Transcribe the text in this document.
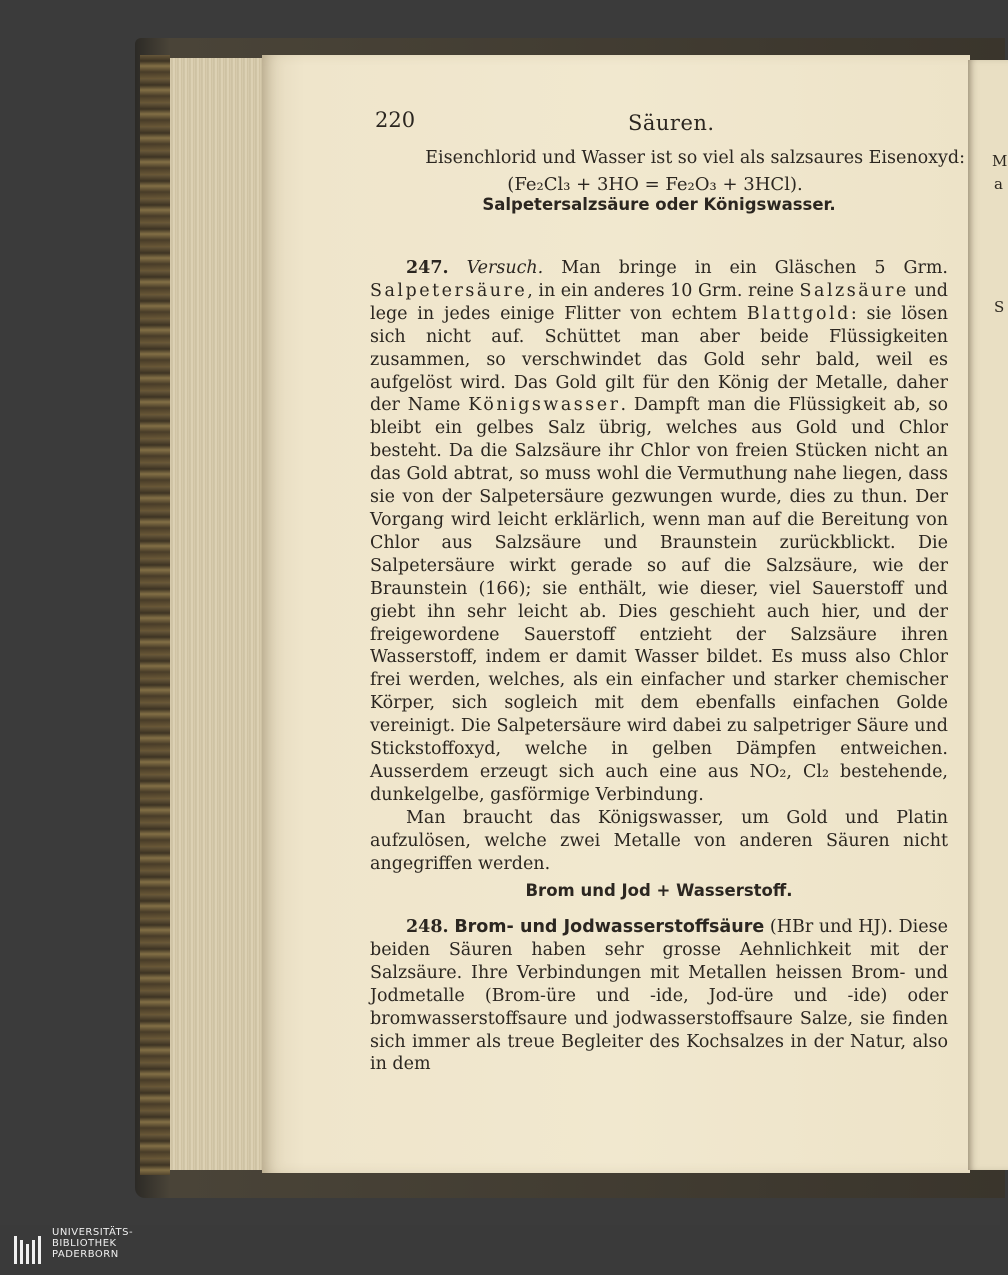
M
a
S
220	Säuren.
Eisenchlorid und Wasser ist so viel als salzsaures Eisenoxyd:
(Fe₂Cl₃ + 3HO = Fe₂O₃ + 3HCl).
Salpetersalzsäure oder Königswasser.

247. Versuch. Man bringe in ein Gläschen 5 Grm. Salpetersäure, in ein anderes 10 Grm. reine Salzsäure und lege in jedes einige Flitter von echtem Blattgold: sie lösen sich nicht auf. Schüttet man aber beide Flüssigkeiten zusammen, so verschwindet das Gold sehr bald, weil es aufgelöst wird. Das Gold gilt für den König der Metalle, daher der Name Königswasser. Dampft man die Flüssigkeit ab, so bleibt ein gelbes Salz übrig, welches aus Gold und Chlor besteht. Da die Salzsäure ihr Chlor von freien Stücken nicht an das Gold abtrat, so muss wohl die Vermuthung nahe liegen, dass sie von der Salpetersäure gezwungen wurde, dies zu thun. Der Vorgang wird leicht erklärlich, wenn man auf die Bereitung von Chlor aus Salzsäure und Braunstein zurückblickt. Die Salpetersäure wirkt gerade so auf die Salzsäure, wie der Braunstein (166); sie enthält, wie dieser, viel Sauerstoff und giebt ihn sehr leicht ab. Dies geschieht auch hier, und der freigewordene Sauerstoff entzieht der Salzsäure ihren Wasserstoff, indem er damit Wasser bildet. Es muss also Chlor frei werden, welches, als ein einfacher und starker chemischer Körper, sich sogleich mit dem ebenfalls einfachen Golde vereinigt. Die Salpetersäure wird dabei zu salpetriger Säure und Stickstoffoxyd, welche in gelben Dämpfen entweichen. Ausserdem erzeugt sich auch eine aus NO₂, Cl₂ bestehende, dunkelgelbe, gasförmige Verbindung.

Man braucht das Königswasser, um Gold und Platin aufzulösen, welche zwei Metalle von anderen Säuren nicht angegriffen werden.

Brom und Jod + Wasserstoff.

248. Brom- und Jodwasserstoffsäure (HBr und HJ). Diese beiden Säuren haben sehr grosse Aehnlichkeit mit der Salzsäure. Ihre Verbindungen mit Metallen heissen Brom- und Jodmetalle (Brom-üre und -ide, Jod-üre und -ide) oder bromwasserstoffsaure und jodwasserstoffsaure Salze, sie finden sich immer als treue Begleiter des Kochsalzes in der Natur, also in dem

UNIVERSITÄTS-
BIBLIOTHEK
PADERBORN
